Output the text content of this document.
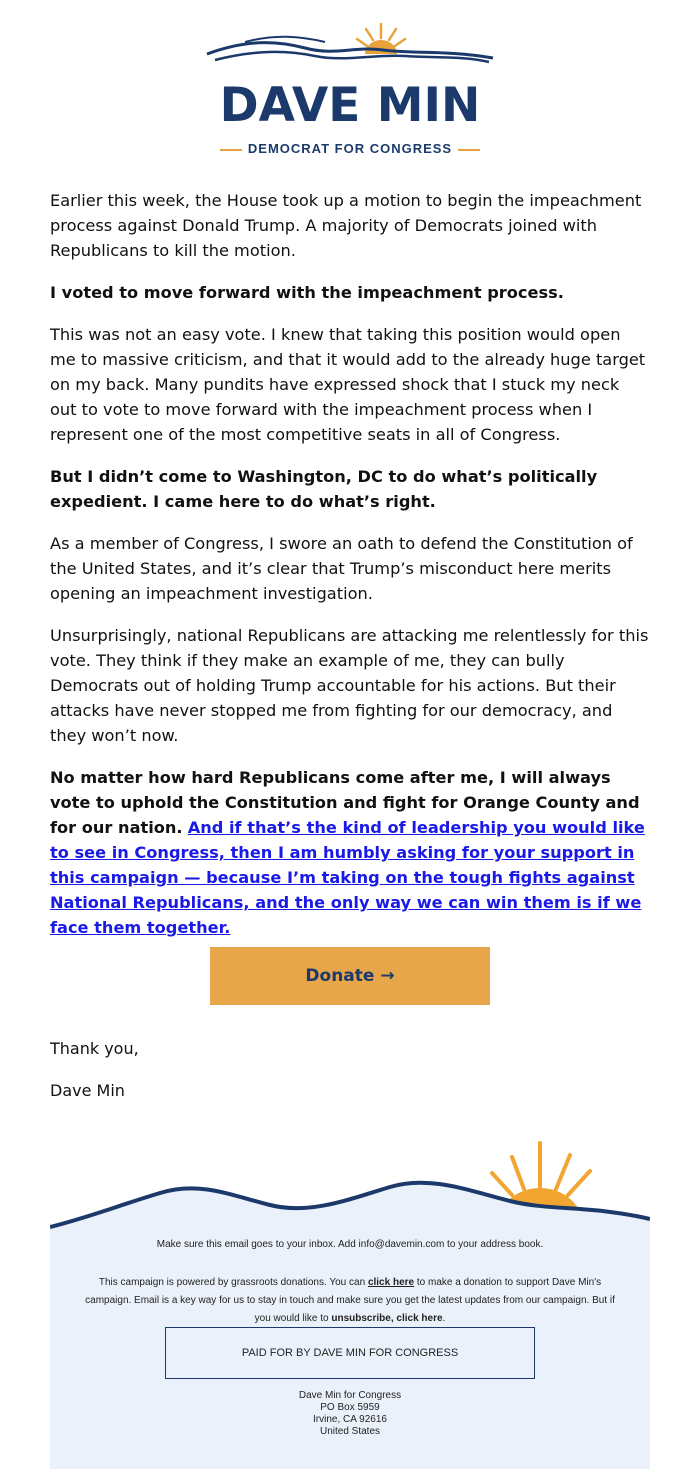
DAVE MIN
DEMOCRAT FOR CONGRESS

Earlier this week, the House took up a motion to begin the impeachment process against Donald Trump. A majority of Democrats joined with Republicans to kill the motion.

I voted to move forward with the impeachment process.

This was not an easy vote. I knew that taking this position would open me to massive criticism, and that it would add to the already huge target on my back. Many pundits have expressed shock that I stuck my neck out to vote to move forward with the impeachment process when I represent one of the most competitive seats in all of Congress.

But I didn’t come to Washington, DC to do what’s politically expedient. I came here to do what’s right.

As a member of Congress, I swore an oath to defend the Constitution of the United States, and it’s clear that Trump’s misconduct here merits opening an impeachment investigation.

Unsurprisingly, national Republicans are attacking me relentlessly for this vote. They think if they make an example of me, they can bully Democrats out of holding Trump accountable for his actions. But their attacks have never stopped me from fighting for our democracy, and they won’t now.

No matter how hard Republicans come after me, I will always vote to uphold the Constitution and fight for Orange County and for our nation. And if that’s the kind of leadership you would like to see in Congress, then I am humbly asking for your support in this campaign — because I’m taking on the tough fights against National Republicans, and the only way we can win them is if we face them together.

Donate →
Thank you,
Dave Min
Make sure this email goes to your inbox. Add info@davemin.com to your address book.
This campaign is powered by grassroots donations. You can click here to make a donation to support Dave Min's campaign. Email is a key way for us to stay in touch and make sure you get the latest updates from our campaign. But if you would like to unsubscribe, click here.
PAID FOR BY DAVE MIN FOR CONGRESS
Dave Min for Congress
PO Box 5959
Irvine, CA 92616
United States
